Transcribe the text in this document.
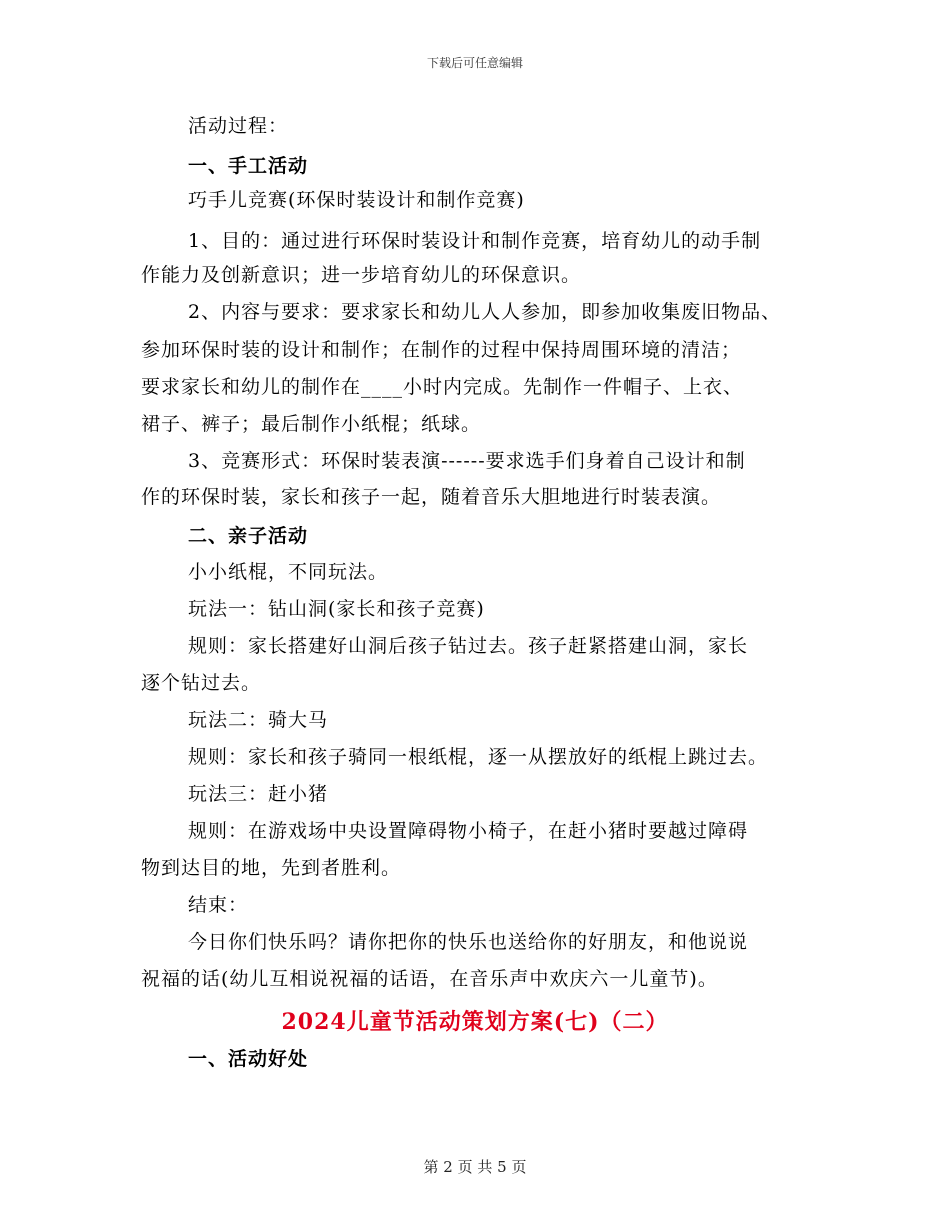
下载后可任意编辑
活动过程：
一、手工活动
巧手儿竞赛(环保时装设计和制作竞赛)
1、目的：通过进行环保时装设计和制作竞赛，培育幼儿的动手制
作能力及创新意识；进一步培育幼儿的环保意识。
2、内容与要求：要求家长和幼儿人人参加，即参加收集废旧物品、
参加环保时装的设计和制作；在制作的过程中保持周围环境的清洁；
要求家长和幼儿的制作在____小时内完成。先制作一件帽子、上衣、
裙子、裤子；最后制作小纸棍；纸球。
3、竞赛形式：环保时装表演------要求选手们身着自己设计和制
作的环保时装，家长和孩子一起，随着音乐大胆地进行时装表演。
二、亲子活动
小小纸棍，不同玩法。
玩法一：钻山洞(家长和孩子竞赛)
规则：家长搭建好山洞后孩子钻过去。孩子赶紧搭建山洞，家长
逐个钻过去。
玩法二：骑大马
规则：家长和孩子骑同一根纸棍，逐一从摆放好的纸棍上跳过去。
玩法三：赶小猪
规则：在游戏场中央设置障碍物小椅子，在赶小猪时要越过障碍
物到达目的地，先到者胜利。
结束：
今日你们快乐吗？请你把你的快乐也送给你的好朋友，和他说说
祝福的话(幼儿互相说祝福的话语，在音乐声中欢庆六一儿童节)。
2024儿童节活动策划方案(七)（二）
一、活动好处
第 2 页 共 5 页
